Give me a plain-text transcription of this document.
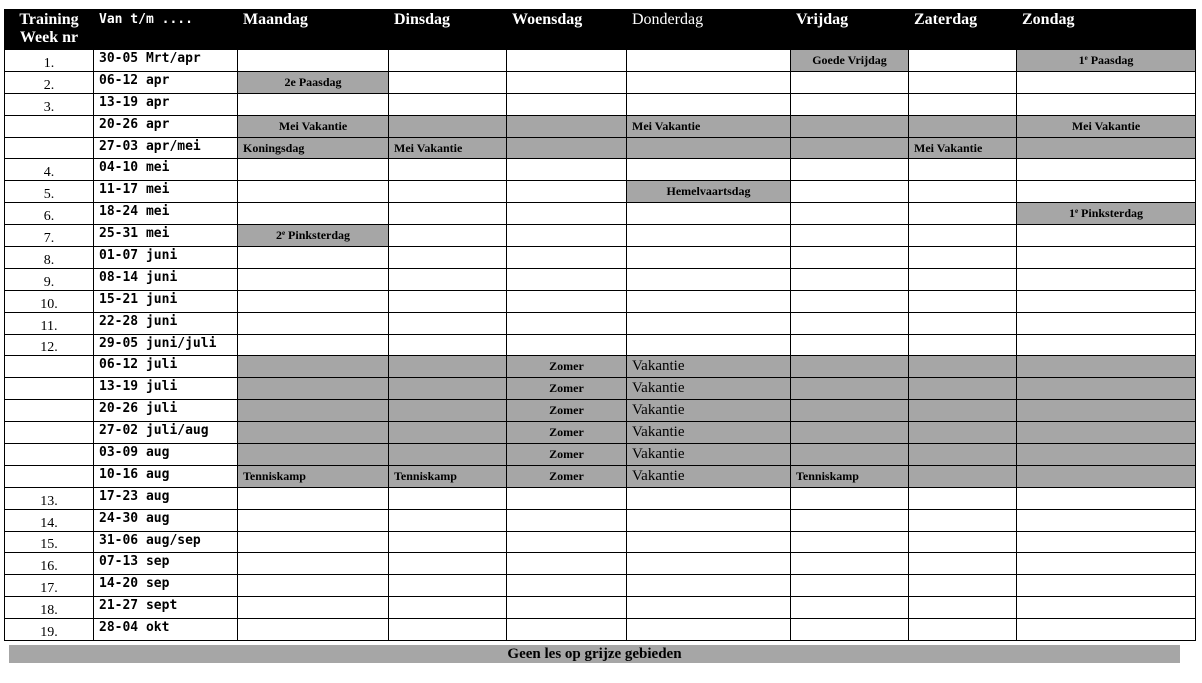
Training
Week nr	Van t/m ....	Maandag	Dinsdag	Woensdag	Donderdag	Vrijdag	Zaterdag	Zondag
1.	30-05 Mrt/apr					Goede Vrijdag		1e Paasdag
2.	06-12 apr	2e Paasdag						
3.	13-19 apr							
	20-26 apr	Mei Vakantie			Mei Vakantie			Mei Vakantie
	27-03 apr/mei	Koningsdag	Mei Vakantie				Mei Vakantie	
4.	04-10 mei							
5.	11-17 mei				Hemelvaartsdag			
6.	18-24 mei							1e Pinksterdag
7.	25-31 mei	2e Pinksterdag						
8.	01-07 juni							
9.	08-14 juni							
10.	15-21 juni							
11.	22-28 juni							
12.	29-05 juni/juli							
	06-12 juli			Zomer	Vakantie			
	13-19 juli			Zomer	Vakantie			
	20-26 juli			Zomer	Vakantie			
	27-02 juli/aug			Zomer	Vakantie			
	03-09 aug			Zomer	Vakantie			
	10-16 aug	Tenniskamp	Tenniskamp	Zomer	Vakantie	Tenniskamp		
13.	17-23 aug							
14.	24-30 aug							
15.	31-06 aug/sep							
16.	07-13 sep							
17.	14-20 sep							
18.	21-27 sept							
19.	28-04 okt							
Geen les op grijze gebieden
